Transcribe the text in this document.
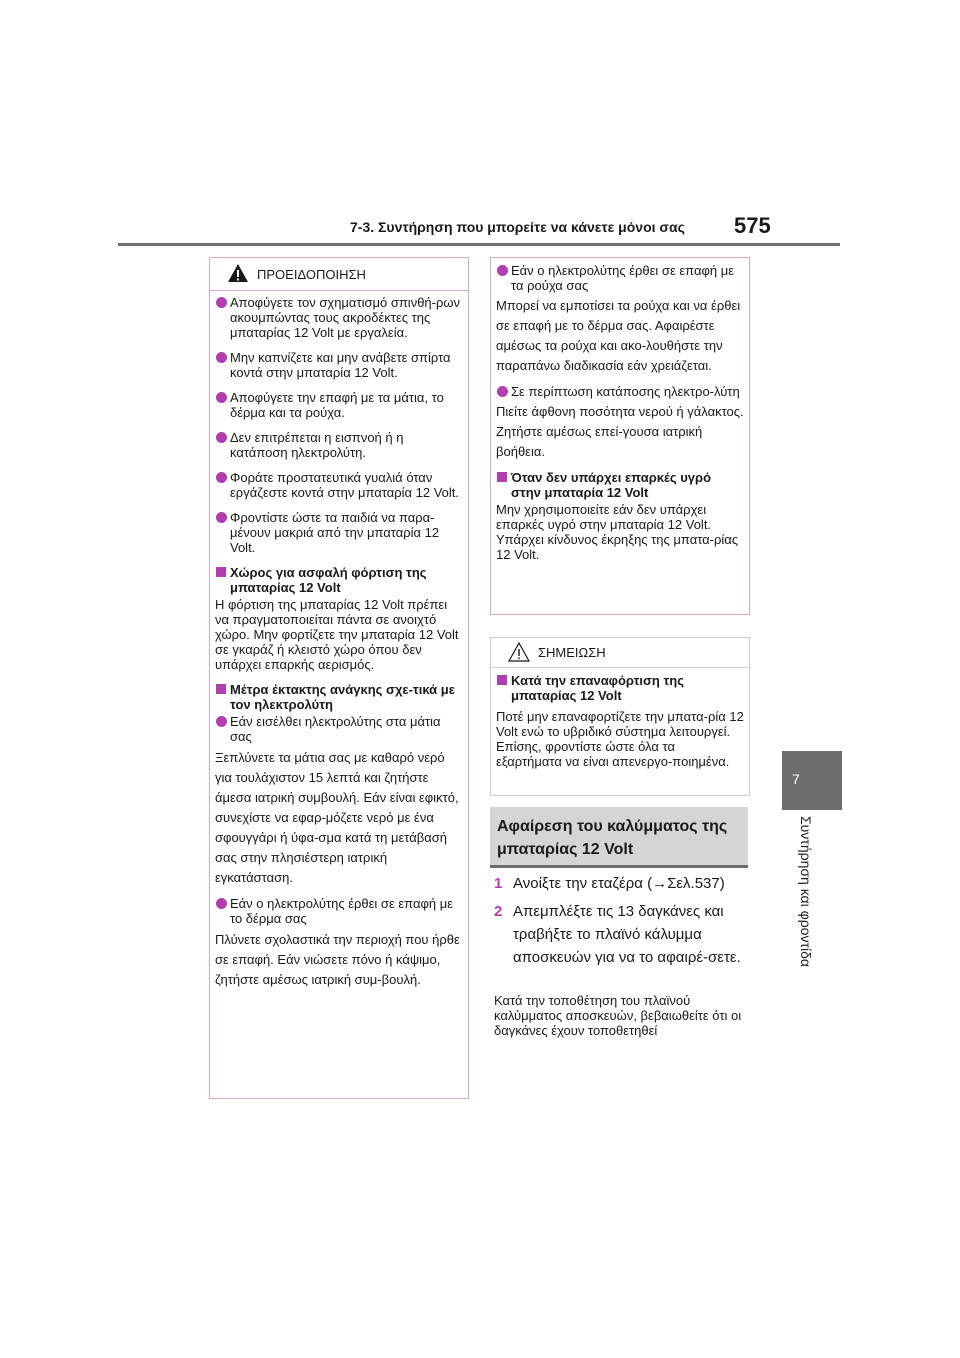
7-3. Συντήρηση που μπορείτε να κάνετε μόνοι σας 575
7
Συντήρηση και φροντίδα
ΠΡΟΕΙΔΟΠΟΙΗΣΗ
Αποφύγετε τον σχηματισμό σπινθή-ρων ακουμπώντας τους ακροδέκτες της μπαταρίας 12 Volt με εργαλεία.
Μην καπνίζετε και μην ανάβετε σπίρτα κοντά στην μπαταρία 12 Volt.
Αποφύγετε την επαφή με τα μάτια, το δέρμα και τα ρούχα.
Δεν επιτρέπεται η εισπνοή ή η κατάποση ηλεκτρολύτη.
Φοράτε προστατευτικά γυαλιά όταν εργάζεστε κοντά στην μπαταρία 12 Volt.
Φροντίστε ώστε τα παιδιά να παρα-μένουν μακριά από την μπαταρία 12 Volt.
Χώρος για ασφαλή φόρτιση της μπαταρίας 12 Volt
Η φόρτιση της μπαταρίας 12 Volt πρέπει να πραγματοποιείται πάντα σε ανοιχτό χώρο. Μην φορτίζετε την μπαταρία 12 Volt σε γκαράζ ή κλειστό χώρο όπου δεν υπάρχει επαρκής αερισμός.
Μέτρα έκτακτης ανάγκης σχε-τικά με τον ηλεκτρολύτη
Εάν εισέλθει ηλεκτρολύτης στα μάτια σας
Ξεπλύνετε τα μάτια σας με καθαρό νερό για τουλάχιστον 15 λεπτά και ζητήστε άμεσα ιατρική συμβουλή. Εάν είναι εφικτό, συνεχίστε να εφαρ-μόζετε νερό με ένα σφουγγάρι ή ύφα-σμα κατά τη μετάβασή σας στην πλησιέστερη ιατρική εγκατάσταση.
Εάν ο ηλεκτρολύτης έρθει σε επαφή με το δέρμα σας
Πλύνετε σχολαστικά την περιοχή που ήρθε σε επαφή. Εάν νιώσετε πόνο ή κάψιμο, ζητήστε αμέσως ιατρική συμ-βουλή.
Εάν ο ηλεκτρολύτης έρθει σε επαφή με τα ρούχα σας
Μπορεί να εμποτίσει τα ρούχα και να έρθει σε επαφή με το δέρμα σας. Αφαιρέστε αμέσως τα ρούχα και ακο-λουθήστε την παραπάνω διαδικασία εάν χρειάζεται.
Σε περίπτωση κατάποσης ηλεκτρο-λύτη
Πιείτε άφθονη ποσότητα νερού ή γάλακτος. Ζητήστε αμέσως επεί-γουσα ιατρική βοήθεια.
Όταν δεν υπάρχει επαρκές υγρό στην μπαταρία 12 Volt
Μην χρησιμοποιείτε εάν δεν υπάρχει επαρκές υγρό στην μπαταρία 12 Volt. Υπάρχει κίνδυνος έκρηξης της μπατα-ρίας 12 Volt.
ΣΗΜΕΙΩΣΗ
Κατά την επαναφόρτιση της μπαταρίας 12 Volt
Ποτέ μην επαναφορτίζετε την μπατα-ρία 12 Volt ενώ το υβριδικό σύστημα λειτουργεί. Επίσης, φροντίστε ώστε όλα τα εξαρτήματα να είναι απενεργο-ποιημένα.
Αφαίρεση του καλύμματος της μπαταρίας 12 Volt
1 Ανοίξτε την εταζέρα (→Σελ.537)
2 Απεμπλέξτε τις 13 δαγκάνες και τραβήξτε το πλαϊνό κάλυμμα αποσκευών για να το αφαιρέ-σετε.
Κατά την τοποθέτηση του πλαϊνού καλύμματος αποσκευών, βεβαιωθείτε ότι οι δαγκάνες έχουν τοποθετηθεί
